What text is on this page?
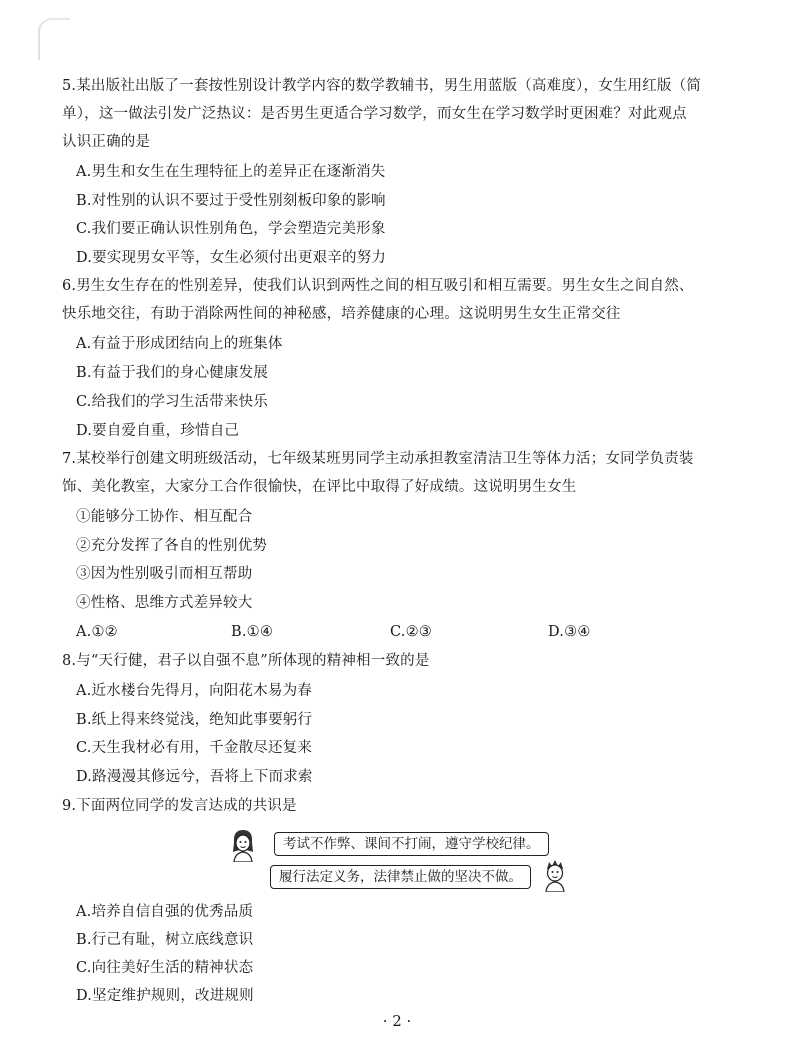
5.某出版社出版了一套按性别设计教学内容的数学教辅书，男生用蓝版（高难度），女生用红版（简
单），这一做法引发广泛热议：是否男生更适合学习数学，而女生在学习数学时更困难？对此观点
认识正确的是
A.男生和女生在生理特征上的差异正在逐渐消失
B.对性别的认识不要过于受性别刻板印象的影响
C.我们要正确认识性别角色，学会塑造完美形象
D.要实现男女平等，女生必须付出更艰辛的努力
6.男生女生存在的性别差异，使我们认识到两性之间的相互吸引和相互需要。男生女生之间自然、
快乐地交往，有助于消除两性间的神秘感，培养健康的心理。这说明男生女生正常交往
A.有益于形成团结向上的班集体
B.有益于我们的身心健康发展
C.给我们的学习生活带来快乐
D.要自爱自重，珍惜自己
7.某校举行创建文明班级活动，七年级某班男同学主动承担教室清洁卫生等体力活；女同学负责装
饰、美化教室，大家分工合作很愉快，在评比中取得了好成绩。这说明男生女生
①能够分工协作、相互配合
②充分发挥了各自的性别优势
③因为性别吸引而相互帮助
④性格、思维方式差异较大
A.①②	B.①④	C.②③	D.③④
8.与“天行健，君子以自强不息”所体现的精神相一致的是
A.近水楼台先得月，向阳花木易为春
B.纸上得来终觉浅，绝知此事要躬行
C.天生我材必有用，千金散尽还复来
D.路漫漫其修远兮，吾将上下而求索
9.下面两位同学的发言达成的共识是
考试不作弊、课间不打闹，遵守学校纪律。
履行法定义务，法律禁止做的坚决不做。
A.培养自信自强的优秀品质
B.行己有耻，树立底线意识
C.向往美好生活的精神状态
D.坚定维护规则，改进规则
· 2 ·
